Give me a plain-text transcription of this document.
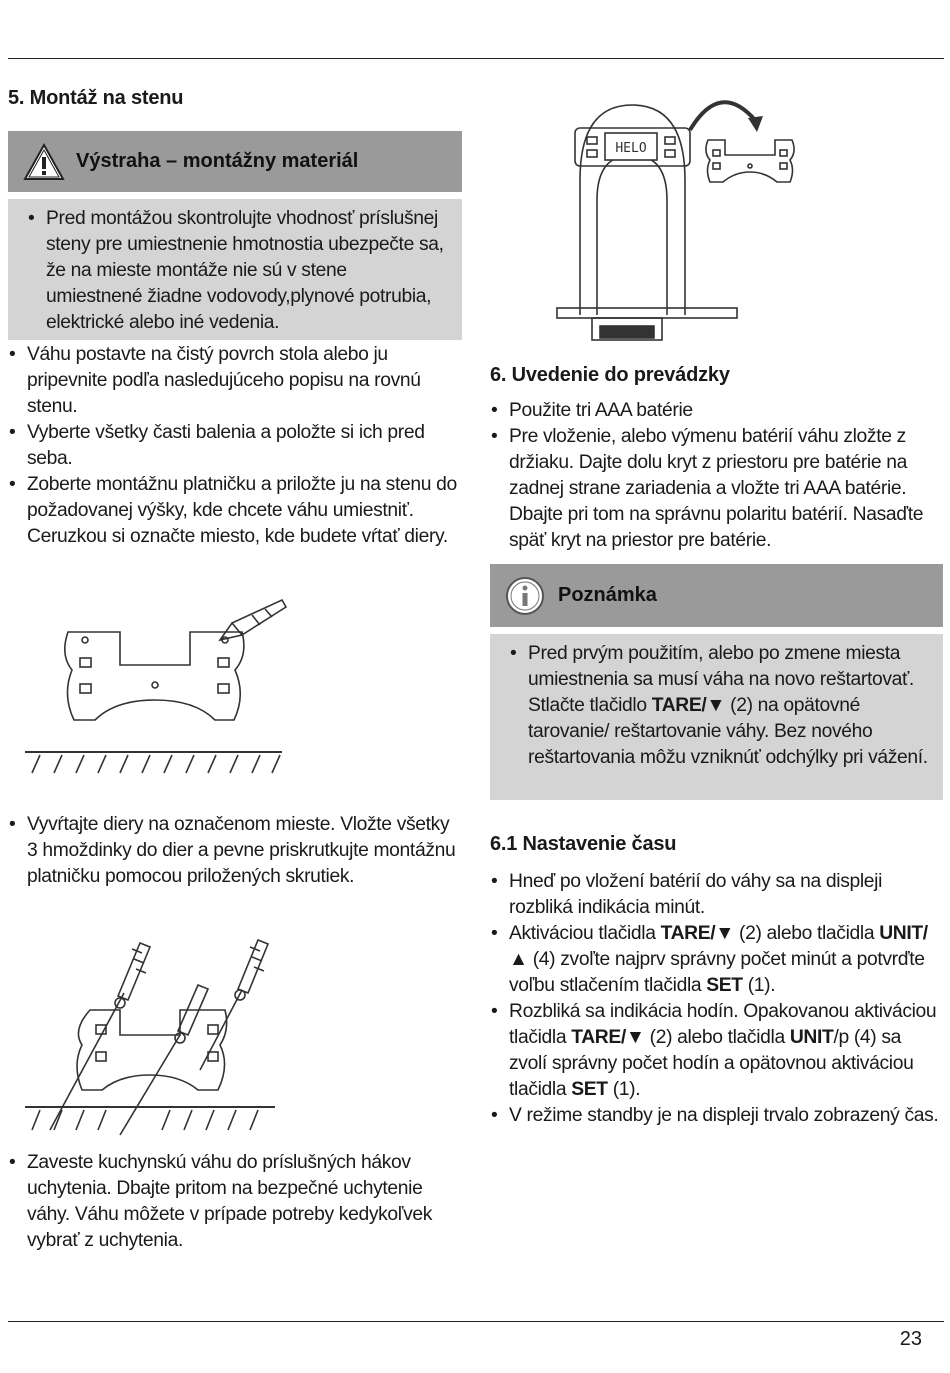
5. Montáž na stenu
Výstraha – montážny materiál
• Pred montážou skontrolujte vhodnosť príslušnej steny pre umiestnenie hmotnostia ubezpečte sa, že na mieste montáže nie sú v stene umiestnené žiadne vodovody,plynové potrubia, elektrické alebo iné vedenia.
• Váhu postavte na čistý povrch stola alebo ju pripevnite podľa nasledujúceho popisu na rovnú stenu.
• Vyberte všetky časti balenia a položte si ich pred seba.
• Zoberte montážnu platničku a priložte ju na stenu do požadovanej výšky, kde chcete váhu umiestniť. Ceruzkou si označte miesto, kde budete vŕtať diery.
• Vyvŕtajte diery na označenom mieste. Vložte všetky 3 hmoždinky do dier a pevne priskrutkujte montážnu platničku pomocou priložených skrutiek.
• Zaveste kuchynskú váhu do príslušných hákov uchytenia. Dbajte pritom na bezpečné uchytenie váhy. Váhu môžete v prípade potreby kedykoľvek vybrať z uchytenia.
HELO
6. Uvedenie do prevádzky
• Použite tri AAA batérie
• Pre vloženie, alebo výmenu batérií váhu zložte z držiaku. Dajte dolu kryt z priestoru pre batérie na zadnej strane zariadenia a vložte tri AAA batérie. Dbajte pri tom na správnu polaritu batérií. Nasaďte späť kryt na priestor pre batérie.
Poznámka
• Pred prvým použitím, alebo po zmene miesta umiestnenia sa musí váha na novo reštartovať. Stlačte tlačidlo TARE/▼ (2) na opätovné tarovanie/ reštartovanie váhy. Bez nového reštartovania môžu vzniknúť odchýlky pri vážení.
6.1 Nastavenie času
• Hneď po vložení batérií do váhy sa na displeji rozbliká indikácia minút.
• Aktiváciou tlačidla TARE/▼ (2) alebo tlačidla UNIT/▲ (4) zvoľte najprv správny počet minút a potvrďte voľbu stlačením tlačidla SET (1).
• Rozbliká sa indikácia hodín. Opakovanou aktiváciou tlačidla TARE/▼ (2) alebo tlačidla UNIT/p (4) sa zvolí správny počet hodín a opätovnou aktiváciou tlačidla SET (1).
• V režime standby je na displeji trvalo zobrazený čas.
23
